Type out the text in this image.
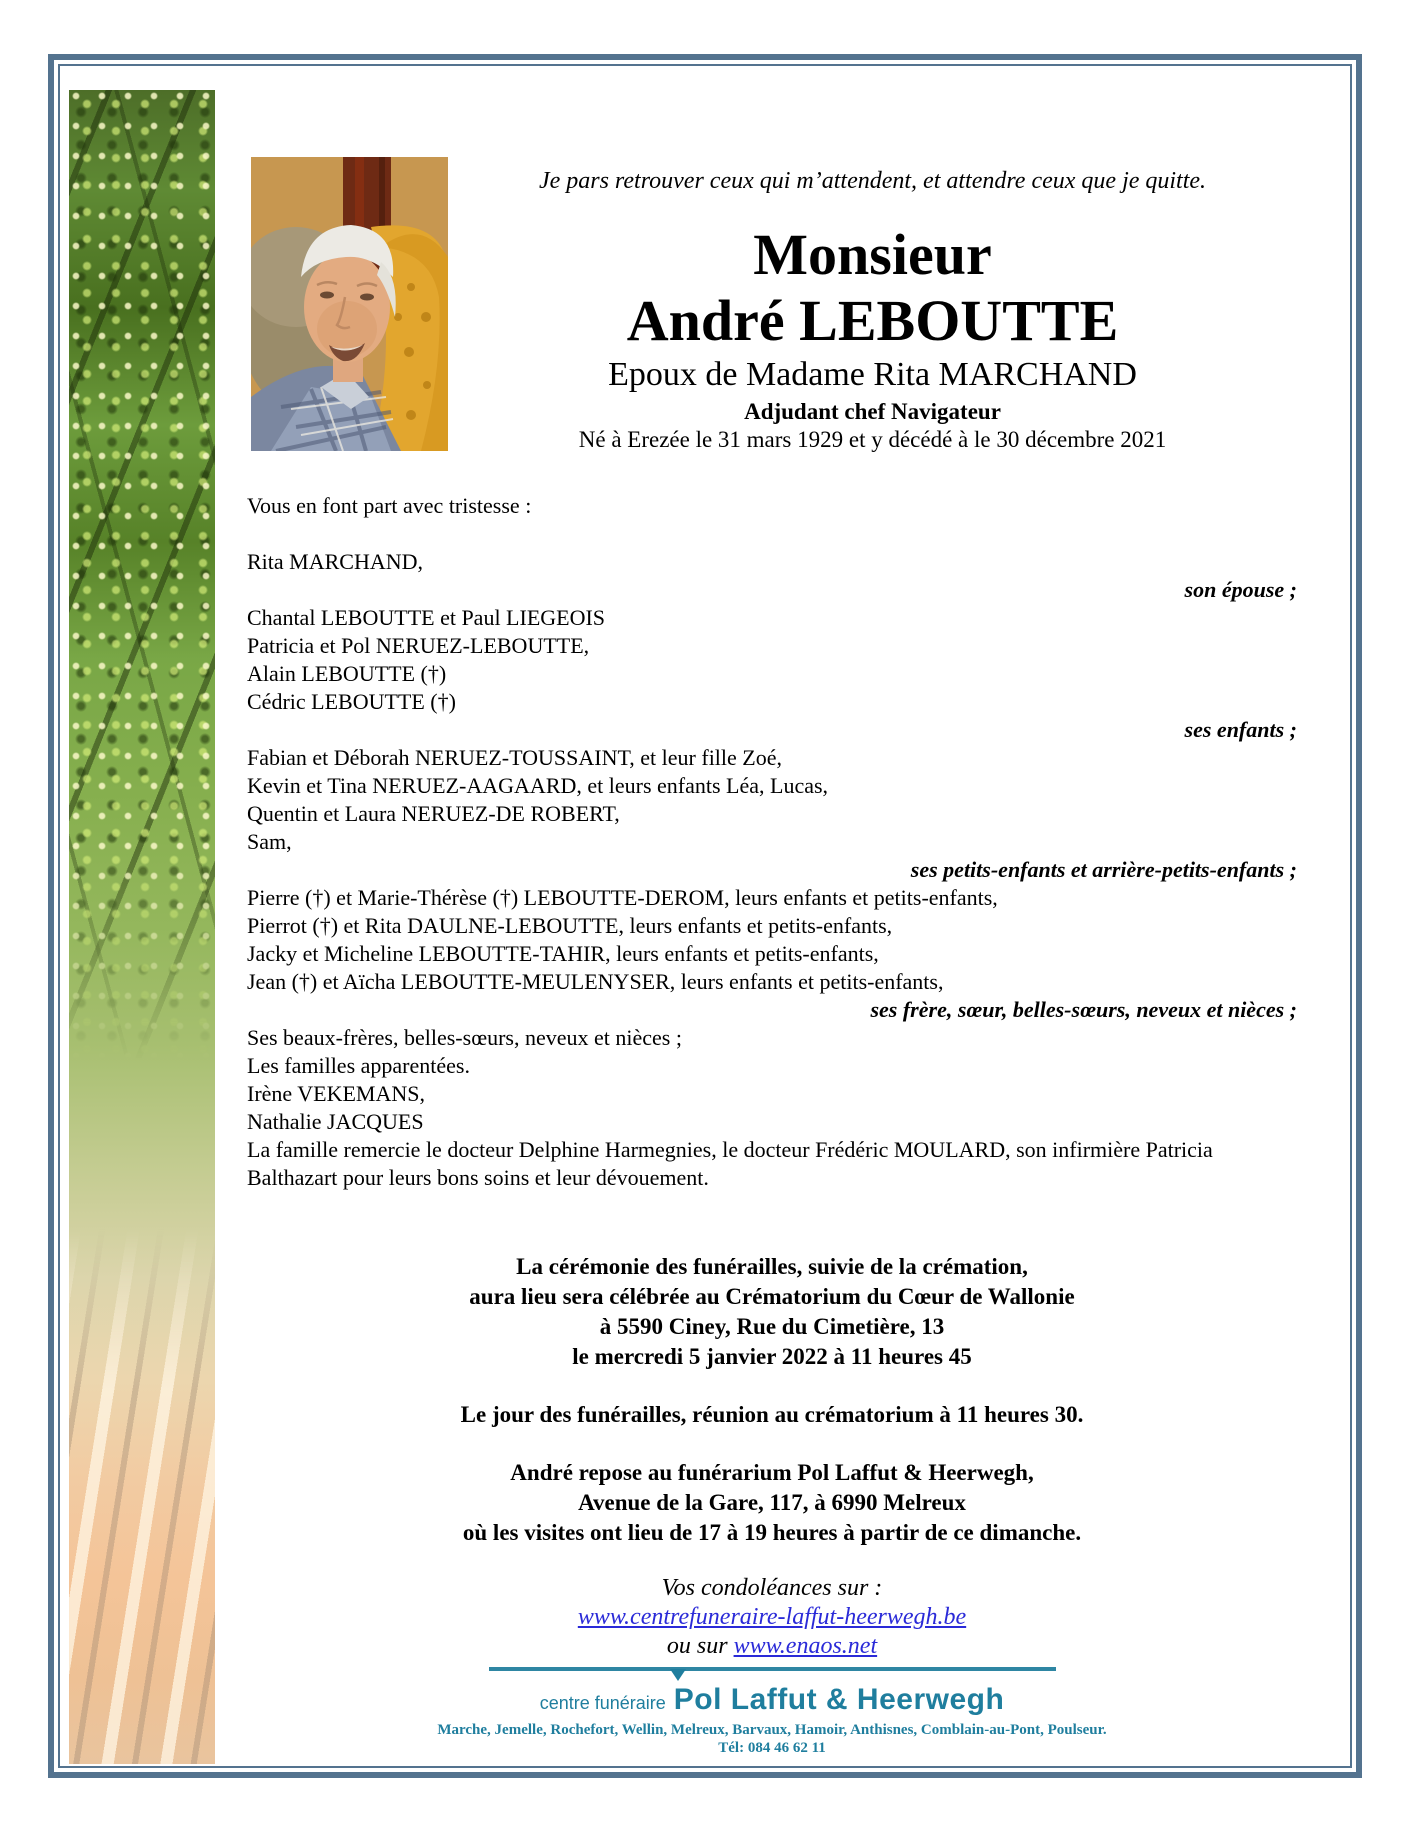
Je pars retrouver ceux qui m’attendent, et attendre ceux que je quitte.
Monsieur
André LEBOUTTE
Epoux de Madame Rita MARCHAND
Adjudant chef Navigateur
Né à Erezée le 31 mars 1929 et y décédé à le 30 décembre 2021
Vous en font part avec tristesse :
Rita MARCHAND,
son épouse ;
Chantal LEBOUTTE et Paul LIEGEOIS
Patricia et Pol NERUEZ-LEBOUTTE,
Alain LEBOUTTE (†)
Cédric LEBOUTTE (†)
ses enfants ;
Fabian et Déborah NERUEZ-TOUSSAINT, et leur fille Zoé,
Kevin et Tina NERUEZ-AAGAARD, et leurs enfants Léa, Lucas,
Quentin et Laura NERUEZ-DE ROBERT,
Sam,
ses petits-enfants et arrière-petits-enfants ;
Pierre (†) et Marie-Thérèse (†) LEBOUTTE-DEROM, leurs enfants et petits-enfants,
Pierrot (†) et Rita DAULNE-LEBOUTTE, leurs enfants et petits-enfants,
Jacky et Micheline LEBOUTTE-TAHIR, leurs enfants et petits-enfants,
Jean (†) et Aïcha LEBOUTTE-MEULENYSER, leurs enfants et petits-enfants,
ses frère, sœur, belles-sœurs, neveux et nièces ;
Ses beaux-frères, belles-sœurs, neveux et nièces ;
Les familles apparentées.
Irène VEKEMANS,
Nathalie JACQUES
La famille remercie le docteur Delphine Harmegnies, le docteur Frédéric MOULARD, son infirmière Patricia Balthazart pour leurs bons soins et leur dévouement.
La cérémonie des funérailles, suivie de la crémation,
aura lieu sera célébrée au Crématorium du Cœur de Wallonie
à 5590 Ciney, Rue du Cimetière, 13
le mercredi 5 janvier 2022 à 11 heures 45
Le jour des funérailles, réunion au crématorium à 11 heures 30.
André repose au funérarium Pol Laffut & Heerwegh,
Avenue de la Gare, 117, à 6990 Melreux
où les visites ont lieu de 17 à 19 heures à partir de ce dimanche.
Vos condoléances sur :
www.centrefuneraire-laffut-heerwegh.be
ou sur www.enaos.net
centre funéraire Pol Laffut & Heerwegh
Marche, Jemelle, Rochefort, Wellin, Melreux, Barvaux, Hamoir, Anthisnes, Comblain-au-Pont, Poulseur.
Tél: 084 46 62 11
